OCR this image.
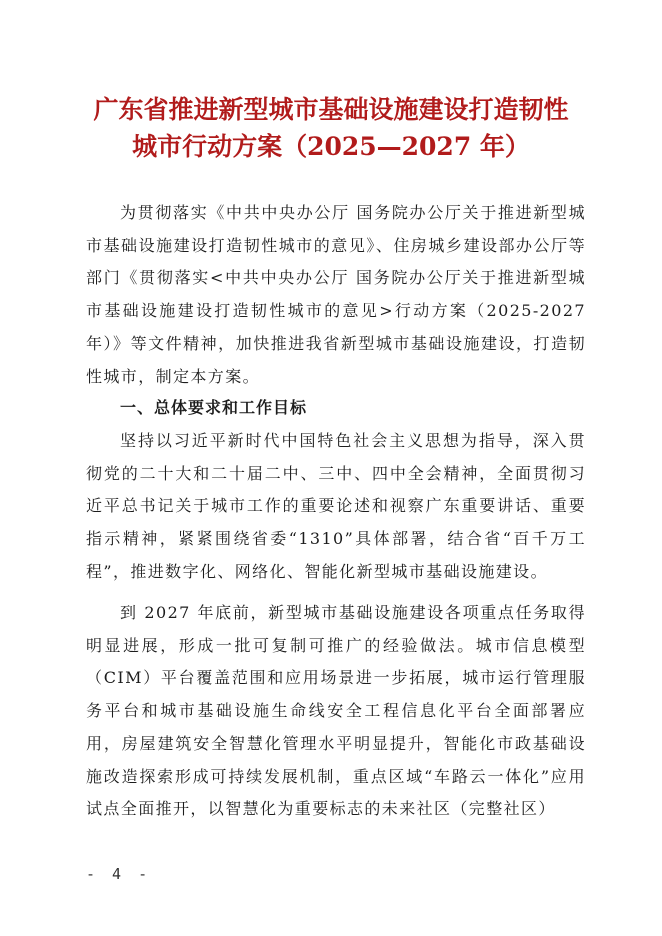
广东省推进新型城市基础设施建设打造韧性
城市行动方案（2025—2027 年）

为贯彻落实《中共中央办公厅 国务院办公厅关于推进新型城市基础设施建设打造韧性城市的意见》、住房城乡建设部办公厅等部门《贯彻落实<中共中央办公厅 国务院办公厅关于推进新型城市基础设施建设打造韧性城市的意见>行动方案（2025-2027年）》等文件精神，加快推进我省新型城市基础设施建设，打造韧性城市，制定本方案。

一、总体要求和工作目标

坚持以习近平新时代中国特色社会主义思想为指导，深入贯彻党的二十大和二十届二中、三中、四中全会精神，全面贯彻习近平总书记关于城市工作的重要论述和视察广东重要讲话、重要指示精神，紧紧围绕省委“1310”具体部署，结合省“百千万工程”，推进数字化、网络化、智能化新型城市基础设施建设。

到 2027 年底前，新型城市基础设施建设各项重点任务取得明显进展，形成一批可复制可推广的经验做法。城市信息模型（CIM）平台覆盖范围和应用场景进一步拓展，城市运行管理服务平台和城市基础设施生命线安全工程信息化平台全面部署应用，房屋建筑安全智慧化管理水平明显提升，智能化市政基础设施改造探索形成可持续发展机制，重点区域“车路云一体化”应用试点全面推开，以智慧化为重要标志的未来社区（完整社区）

- 4 -
